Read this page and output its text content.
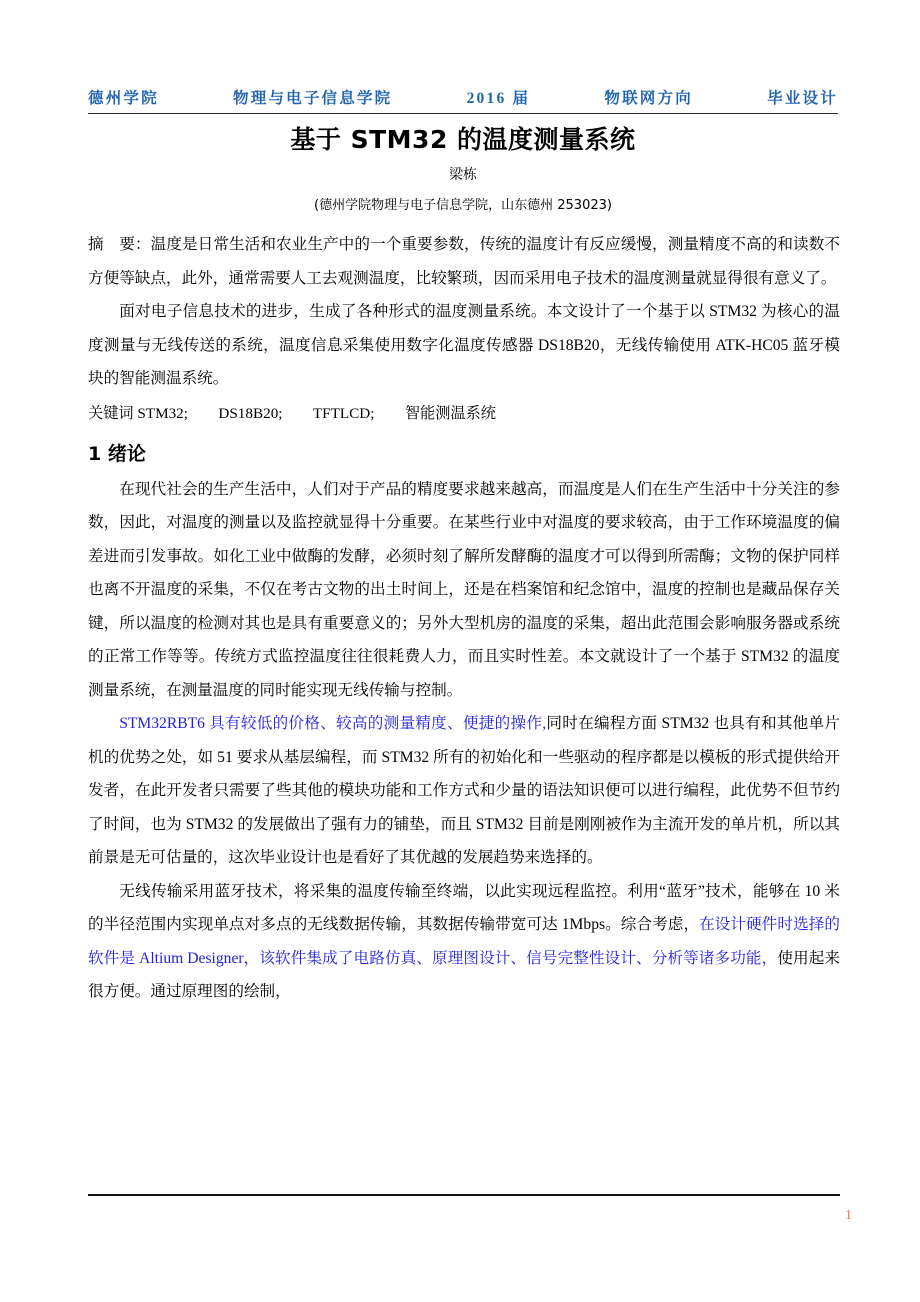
德州学院	物理与电子信息学院	2016 届	物联网方向	毕业设计
基于 STM32 的温度测量系统
梁栋
(德州学院物理与电子信息学院，山东德州 253023)

摘　要：温度是日常生活和农业生产中的一个重要参数，传统的温度计有反应缓慢，测量精度不高的和读数不方便等缺点，此外，通常需要人工去观测温度，比较繁琐，因而采用电子技术的温度测量就显得很有意义了。

面对电子信息技术的进步，生成了各种形式的温度测量系统。本文设计了一个基于以 STM32 为核心的温度测量与无线传送的系统，温度信息采集使用数字化温度传感器 DS18B20，无线传输使用 ATK-HC05 蓝牙模块的智能测温系统。

关键词 STM32;　　DS18B20;　　TFTLCD;　　智能测温系统

1 绪论

在现代社会的生产生活中，人们对于产品的精度要求越来越高，而温度是人们在生产生活中十分关注的参数，因此，对温度的测量以及监控就显得十分重要。在某些行业中对温度的要求较高，由于工作环境温度的偏差进而引发事故。如化工业中做酶的发酵，必须时刻了解所发酵酶的温度才可以得到所需酶；文物的保护同样也离不开温度的采集，不仅在考古文物的出土时间上，还是在档案馆和纪念馆中，温度的控制也是藏品保存关键，所以温度的检测对其也是具有重要意义的；另外大型机房的温度的采集，超出此范围会影响服务器或系统的正常工作等等。传统方式监控温度往往很耗费人力，而且实时性差。本文就设计了一个基于 STM32 的温度测量系统，在测量温度的同时能实现无线传输与控制。

STM32RBT6 具有较低的价格、较高的测量精度、便捷的操作,同时在编程方面 STM32 也具有和其他单片机的优势之处，如 51 要求从基层编程，而 STM32 所有的初始化和一些驱动的程序都是以模板的形式提供给开发者，在此开发者只需要了些其他的模块功能和工作方式和少量的语法知识便可以进行编程，此优势不但节约了时间，也为 STM32 的发展做出了强有力的铺垫，而且 STM32 目前是刚刚被作为主流开发的单片机，所以其前景是无可估量的，这次毕业设计也是看好了其优越的发展趋势来选择的。

无线传输采用蓝牙技术，将采集的温度传输至终端，以此实现远程监控。利用“蓝牙”技术，能够在 10 米的半径范围内实现单点对多点的无线数据传输，其数据传输带宽可达 1Mbps。综合考虑，在设计硬件时选择的软件是 Altium Designer，该软件集成了电路仿真、原理图设计、信号完整性设计、分析等诸多功能，使用起来很方便。通过原理图的绘制，

1
